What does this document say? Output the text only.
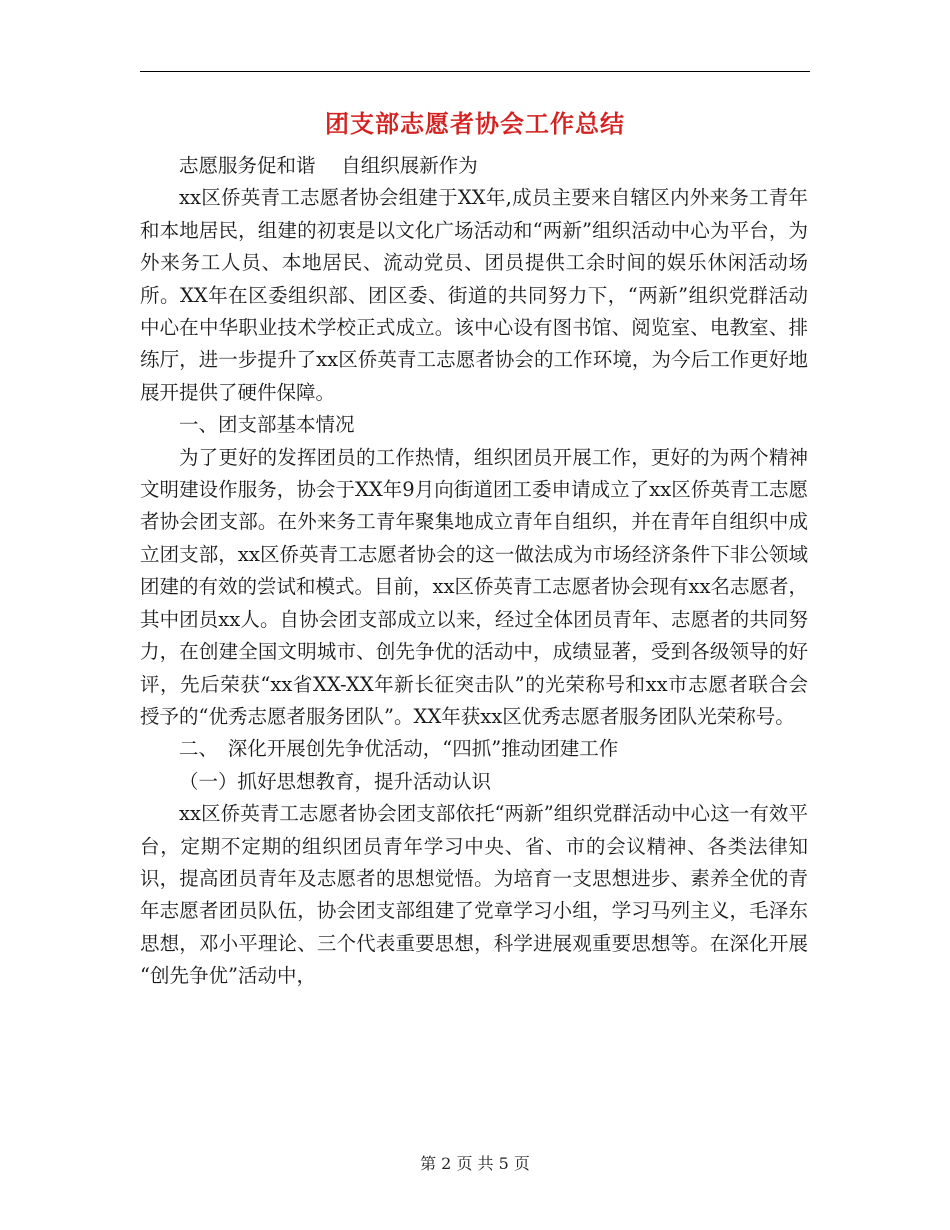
团支部志愿者协会工作总结

志愿服务促和谐　 自组织展新作为

xx区侨英青工志愿者协会组建于XX年,成员主要来自辖区内外来务工青年和本地居民，组建的初衷是以文化广场活动和“两新”组织活动中心为平台，为外来务工人员、本地居民、流动党员、团员提供工余时间的娱乐休闲活动场所。XX年在区委组织部、团区委、街道的共同努力下，“两新”组织党群活动中心在中华职业技术学校正式成立。该中心设有图书馆、阅览室、电教室、排练厅，进一步提升了xx区侨英青工志愿者协会的工作环境，为今后工作更好地展开提供了硬件保障。

一、团支部基本情况

为了更好的发挥团员的工作热情，组织团员开展工作，更好的为两个精神文明建设作服务，协会于XX年9月向街道团工委申请成立了xx区侨英青工志愿者协会团支部。在外来务工青年聚集地成立青年自组织，并在青年自组织中成立团支部，xx区侨英青工志愿者协会的这一做法成为市场经济条件下非公领域团建的有效的尝试和模式。目前，xx区侨英青工志愿者协会现有xx名志愿者，其中团员xx人。自协会团支部成立以来，经过全体团员青年、志愿者的共同努力，在创建全国文明城市、创先争优的活动中，成绩显著，受到各级领导的好评，先后荣获“xx省XX-XX年新长征突击队”的光荣称号和xx市志愿者联合会授予的“优秀志愿者服务团队”。XX年获xx区优秀志愿者服务团队光荣称号。

二、　深化开展创先争优活动，“四抓”推动团建工作

（一）抓好思想教育，提升活动认识

xx区侨英青工志愿者协会团支部依托“两新”组织党群活动中心这一有效平台，定期不定期的组织团员青年学习中央、省、市的会议精神、各类法律知识，提高团员青年及志愿者的思想觉悟。为培育一支思想进步、素养全优的青年志愿者团员队伍，协会团支部组建了党章学习小组，学习马列主义，毛泽东思想，邓小平理论、三个代表重要思想，科学进展观重要思想等。在深化开展 “创先争优”活动中，

第 2 页 共 5 页
